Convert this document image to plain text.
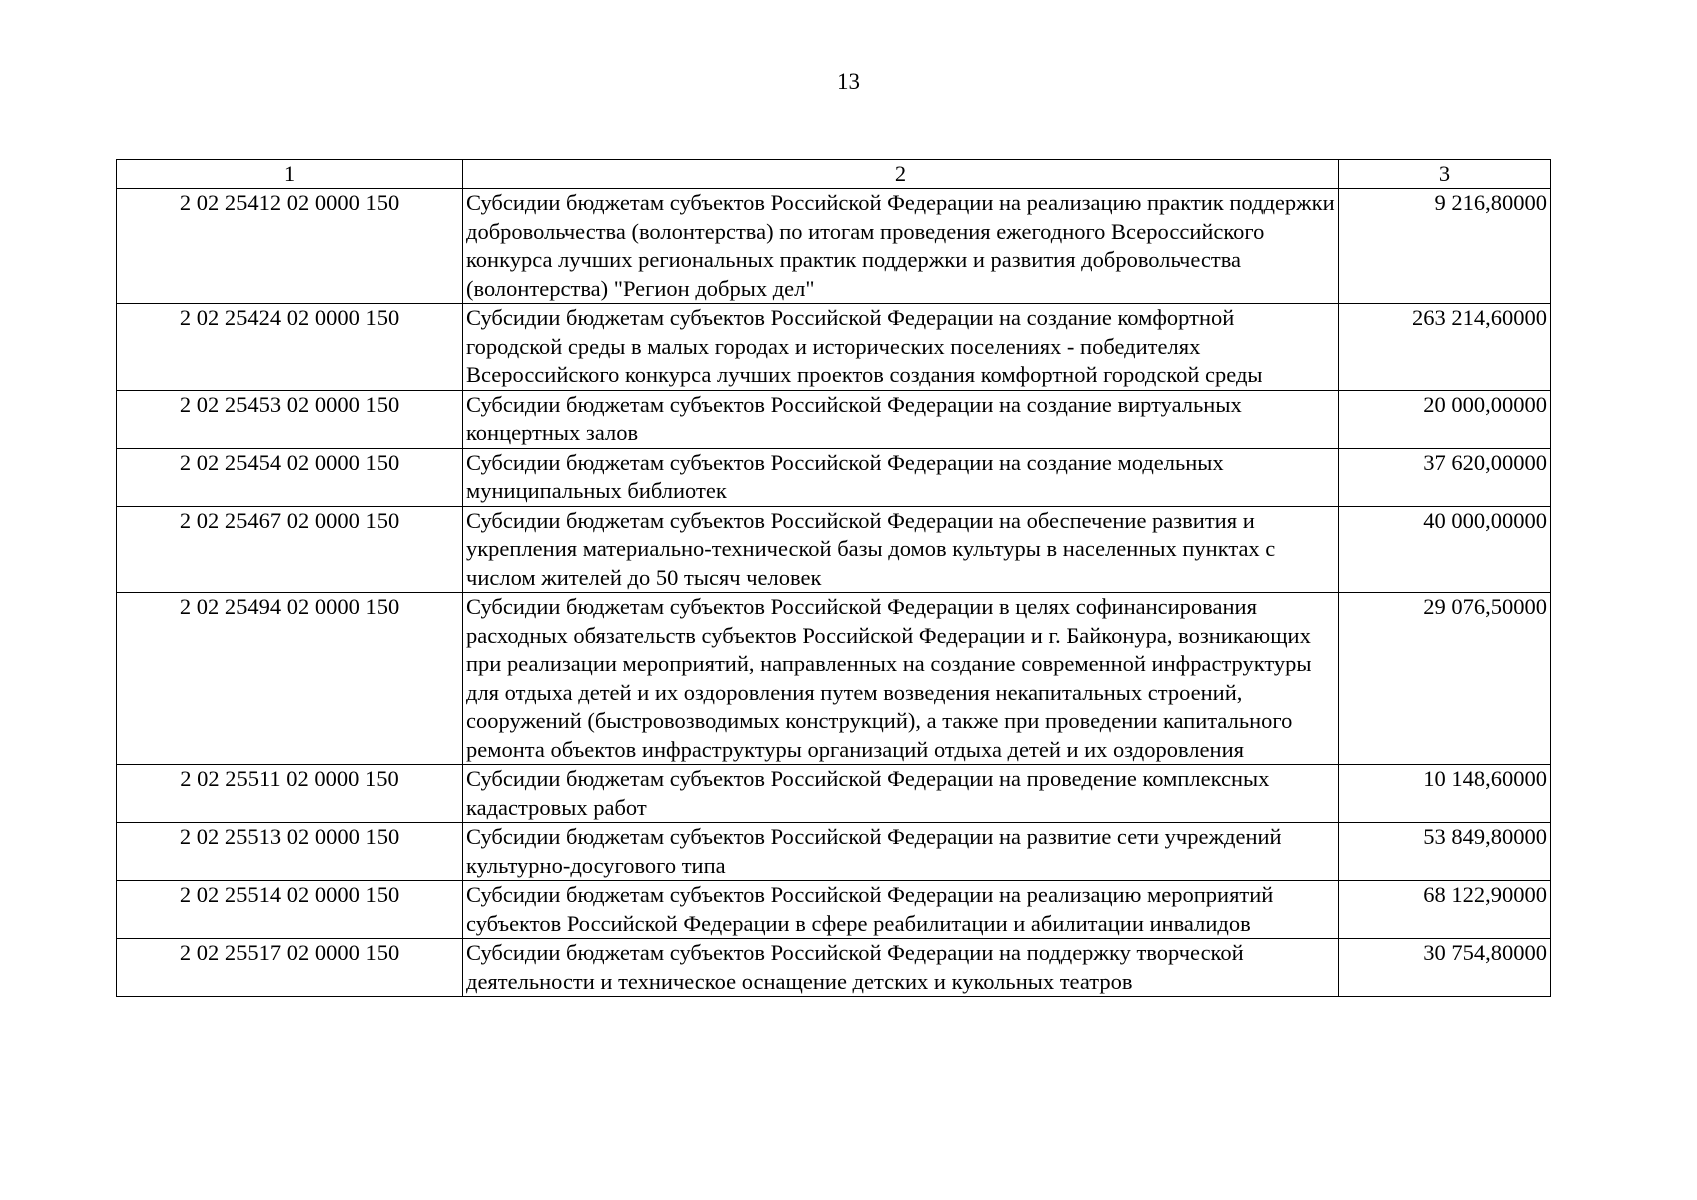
13
1	2	3
2 02 25412 02 0000 150	Субсидии бюджетам субъектов Российской Федерации на реализацию практик поддержки добровольчества (волонтерства) по итогам проведения ежегодного Всероссийского конкурса лучших региональных практик поддержки и развития добровольчества (волонтерства) "Регион добрых дел"	9 216,80000
2 02 25424 02 0000 150	Субсидии бюджетам субъектов Российской Федерации на создание комфортной городской среды в малых городах и исторических поселениях - победителях Всероссийского конкурса лучших проектов создания комфортной городской среды	263 214,60000
2 02 25453 02 0000 150	Субсидии бюджетам субъектов Российской Федерации на создание виртуальных концертных залов	20 000,00000
2 02 25454 02 0000 150	Субсидии бюджетам субъектов Российской Федерации на создание модельных муниципальных библиотек	37 620,00000
2 02 25467 02 0000 150	Субсидии бюджетам субъектов Российской Федерации на обеспечение развития и укрепления материально-технической базы домов культуры в населенных пунктах с числом жителей до 50 тысяч человек	40 000,00000
2 02 25494 02 0000 150	Субсидии бюджетам субъектов Российской Федерации в целях софинансирования расходных обязательств субъектов Российской Федерации и г. Байконура, возникающих при реализации мероприятий, направленных на создание современной инфраструктуры для отдыха детей и их оздоровления путем возведения некапитальных строений, сооружений (быстровозводимых конструкций), а также при проведении капитального ремонта объектов инфраструктуры организаций отдыха детей и их оздоровления	29 076,50000
2 02 25511 02 0000 150	Субсидии бюджетам субъектов Российской Федерации на проведение комплексных кадастровых работ	10 148,60000
2 02 25513 02 0000 150	Субсидии бюджетам субъектов Российской Федерации на развитие сети учреждений культурно-досугового типа	53 849,80000
2 02 25514 02 0000 150	Субсидии бюджетам субъектов Российской Федерации на реализацию мероприятий субъектов Российской Федерации в сфере реабилитации и абилитации инвалидов	68 122,90000
2 02 25517 02 0000 150	Субсидии бюджетам субъектов Российской Федерации на поддержку творческой деятельности и техническое оснащение детских и кукольных театров	30 754,80000
